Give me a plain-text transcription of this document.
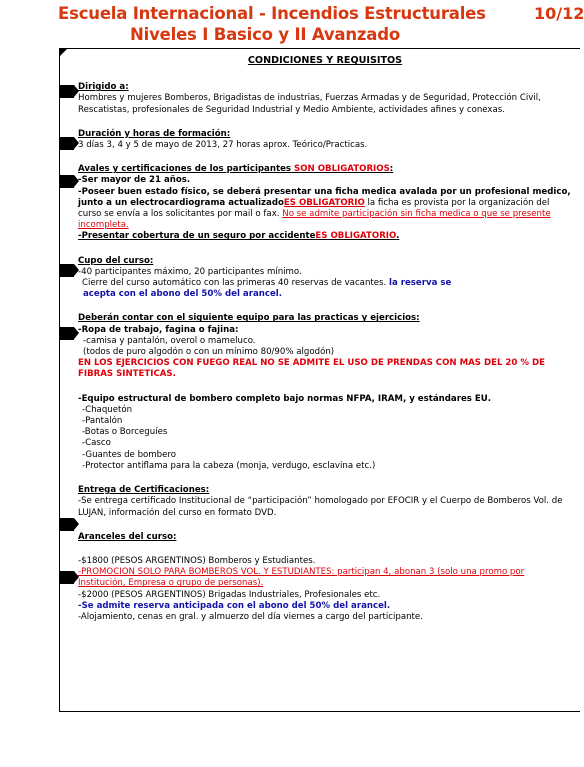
Escuela Internacional - Incendios Estructurales
Niveles I Basico y II Avanzado
10/12

CONDICIONES Y REQUISITOS

Dirigido a:

Hombres y mujeres Bomberos, Brigadistas de industrias, Fuerzas Armadas y de Seguridad, Protección Civil, Rescatistas, profesionales de Seguridad Industrial y Medio Ambiente, actividades afines y conexas.

Duración y horas de formación:

3 días 3, 4 y 5 de mayo de 2013, 27 horas aprox. Teórico/Practicas.

Avales y certificaciones de los participantes SON OBLIGATORIOS:

-Ser mayor de 21 años.

-Poseer buen estado físico, se deberá presentar una ficha medica avalada por un profesional medico, junto a un electrocardiograma actualizadoES OBLIGATORIO la ficha es provista por la organización del curso se envía a los solicitantes por mail o fax. No se admite participación sin ficha medica o que se presente incompleta.

-Presentar cobertura de un seguro por accidenteES OBLIGATORIO.

Cupo del curso:

-40 participantes máximo, 20 participantes mínimo.

Cierre del curso automático con las primeras 40 reservas de vacantes. la reserva se

acepta con el abono del 50% del arancel.

Deberán contar con el siguiente equipo para las practicas y ejercicios:

-Ropa de trabajo, fagina o fajina:

-camisa y pantalón, overol o mameluco.

(todos de puro algodón o con un mínimo 80/90% algodón)

EN LOS EJERCICIOS CON FUEGO REAL NO SE ADMITE EL USO DE PRENDAS CON MAS DEL 20 % DE FIBRAS SINTETICAS.

-Equipo estructural de bombero completo bajo normas NFPA, IRAM, y estándares EU.

-Chaquetón

-Pantalón

-Botas o Borceguíes

-Casco

-Guantes de bombero

-Protector antiflama para la cabeza (monja, verdugo, esclavina etc.)

Entrega de Certificaciones:

-Se entrega certificado Institucional de “participación” homologado por EFOCIR y el Cuerpo de Bomberos Vol. de LUJAN, información del curso en formato DVD.

Aranceles del curso:

-$1800 (PESOS ARGENTINOS) Bomberos y Estudiantes.

-PROMOCION SOLO PARA BOMBEROS VOL. Y ESTUDIANTES: participan 4, abonan 3 (solo una promo por Institución, Empresa o grupo de personas).

-$2000 (PESOS ARGENTINOS) Brigadas Industriales, Profesionales etc.

-Se admite reserva anticipada con el abono del 50% del arancel.

-Alojamiento, cenas en gral. y almuerzo del día viernes a cargo del participante.
